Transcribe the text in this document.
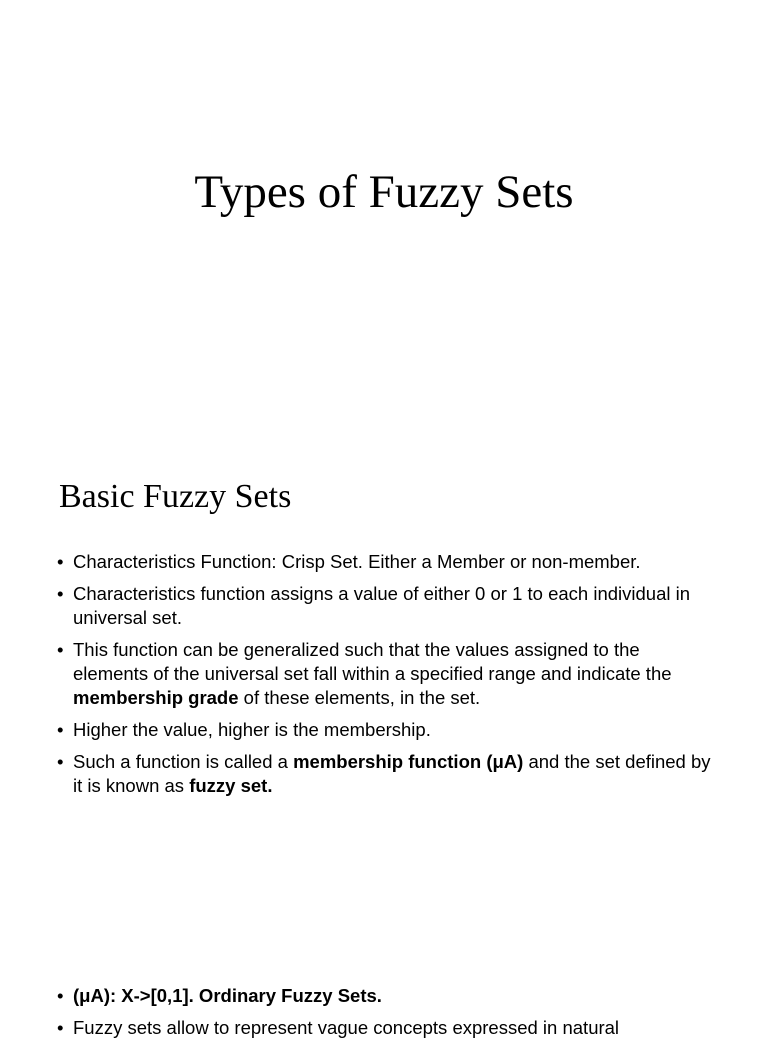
Types of Fuzzy Sets
Basic Fuzzy Sets
• Characteristics Function: Crisp Set. Either a Member or non-member.
• Characteristics function assigns a value of either 0 or 1 to each individual in universal set.
• This function can be generalized such that the values assigned to the elements of the universal set fall within a specified range and indicate the membership grade of these elements, in the set.
• Higher the value, higher is the membership.
• Such a function is called a membership function (μA) and the set defined by it is known as fuzzy set.
• (μA): X->[0,1]. Ordinary Fuzzy Sets.
• Fuzzy sets allow to represent vague concepts expressed in natural
